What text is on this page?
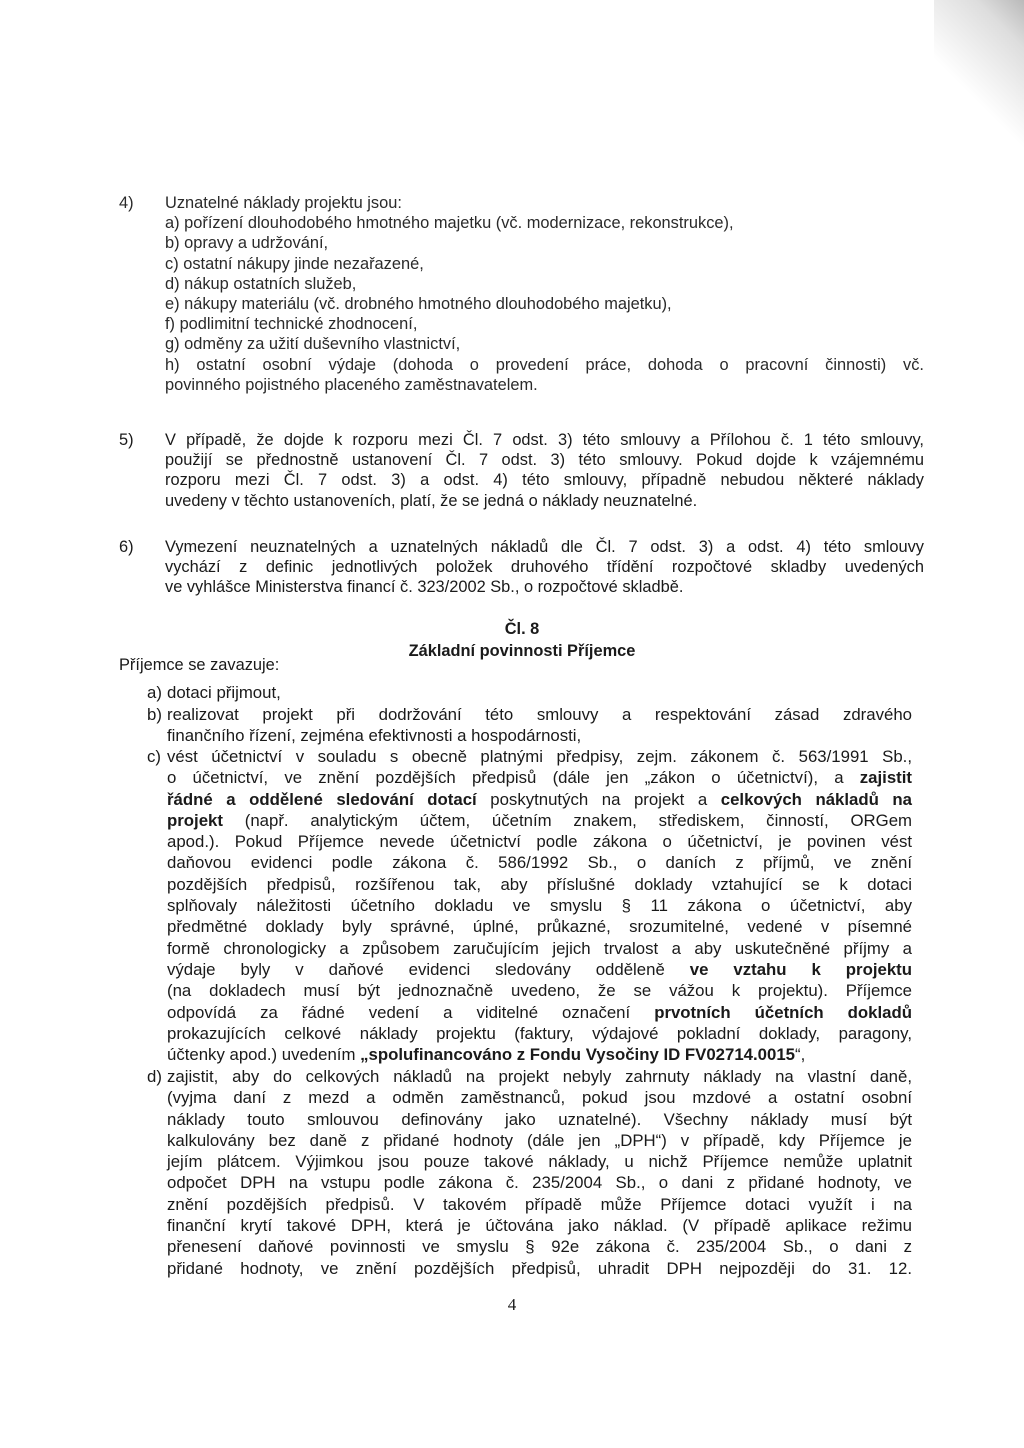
4)	Uznatelné náklady projektu jsou:
a) pořízení dlouhodobého hmotného majetku (vč. modernizace, rekonstrukce),
b) opravy a udržování,
c) ostatní nákupy jinde nezařazené,
d) nákup ostatních služeb,
e) nákupy materiálu (vč. drobného hmotného dlouhodobého majetku),
f) podlimitní technické zhodnocení,
g) odměny za užití duševního vlastnictví,
h) ostatní osobní výdaje (dohoda o provedení práce, dohoda o pracovní činnosti) vč.
povinného pojistného placeného zaměstnavatelem.
5)	V případě, že dojde k rozporu mezi Čl. 7 odst. 3) této smlouvy a Přílohou č. 1 této smlouvy,
použijí se přednostně ustanovení Čl. 7 odst. 3) této smlouvy. Pokud dojde k vzájemnému
rozporu mezi Čl. 7 odst. 3) a odst. 4) této smlouvy, případně nebudou některé náklady
uvedeny v těchto ustanoveních, platí, že se jedná o náklady neuznatelné.
6)	Vymezení neuznatelných a uznatelných nákladů dle Čl. 7 odst. 3) a odst. 4) této smlouvy
vychází z definic jednotlivých položek druhového třídění rozpočtové skladby uvedených
ve vyhlášce Ministerstva financí č. 323/2002 Sb., o rozpočtové skladbě.
Čl. 8
Základní povinnosti Příjemce
Příjemce se zavazuje:
a) dotaci přijmout,
b) realizovat projekt při dodržování této smlouvy a respektování zásad zdravého
finančního řízení, zejména efektivnosti a hospodárnosti,
c) vést účetnictví v souladu s obecně platnými předpisy, zejm. zákonem č. 563/1991 Sb.,
o účetnictví, ve znění pozdějších předpisů (dále jen „zákon o účetnictví), a zajistit
řádné a oddělené sledování dotací poskytnutých na projekt a celkových nákladů na
projekt (např. analytickým účtem, účetním znakem, střediskem, činností, ORGem
apod.). Pokud Příjemce nevede účetnictví podle zákona o účetnictví, je povinen vést
daňovou evidenci podle zákona č. 586/1992 Sb., o daních z příjmů, ve znění
pozdějších předpisů, rozšířenou tak, aby příslušné doklady vztahující se k dotaci
splňovaly náležitosti účetního dokladu ve smyslu § 11 zákona o účetnictví, aby
předmětné doklady byly správné, úplné, průkazné, srozumitelné, vedené v písemné
formě chronologicky a způsobem zaručujícím jejich trvalost a aby uskutečněné příjmy a
výdaje byly v daňové evidenci sledovány odděleně ve vztahu k projektu
(na dokladech musí být jednoznačně uvedeno, že se vážou k projektu). Příjemce
odpovídá za řádné vedení a viditelné označení prvotních účetních dokladů
prokazujících celkové náklady projektu (faktury, výdajové pokladní doklady, paragony,
účtenky apod.) uvedením „spolufinancováno z Fondu Vysočiny ID FV02714.0015“,
d) zajistit, aby do celkových nákladů na projekt nebyly zahrnuty náklady na vlastní daně,
(vyjma daní z mezd a odměn zaměstnanců, pokud jsou mzdové a ostatní osobní
náklady touto smlouvou definovány jako uznatelné). Všechny náklady musí být
kalkulovány bez daně z přidané hodnoty (dále jen „DPH“) v případě, kdy Příjemce je
jejím plátcem. Výjimkou jsou pouze takové náklady, u nichž Příjemce nemůže uplatnit
odpočet DPH na vstupu podle zákona č. 235/2004 Sb., o dani z přidané hodnoty, ve
znění pozdějších předpisů. V takovém případě může Příjemce dotaci využít i na
finanční krytí takové DPH, která je účtována jako náklad. (V případě aplikace režimu
přenesení daňové povinnosti ve smyslu § 92e zákona č. 235/2004 Sb., o dani z
přidané hodnoty, ve znění pozdějších předpisů, uhradit DPH nejpozději do 31. 12.
4
